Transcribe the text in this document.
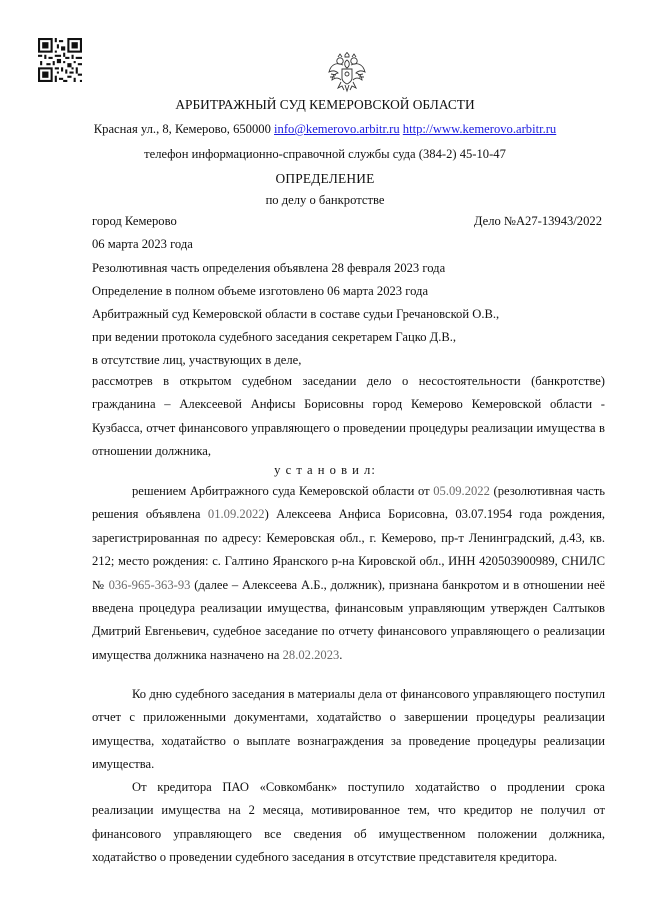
АРБИТРАЖНЫЙ СУД КЕМЕРОВСКОЙ ОБЛАСТИ
Красная ул., 8, Кемерово, 650000 info@kemerovo.arbitr.ru http://www.kemerovo.arbitr.ru
телефон информационно-справочной службы суда (384-2) 45-10-47
ОПРЕДЕЛЕНИЕ
по делу о банкротстве
город Кемерово	Дело №А27-13943/2022
06 марта 2023 года
Резолютивная часть определения объявлена 28 февраля 2023 года
Определение в полном объеме изготовлено 06 марта 2023 года
Арбитражный суд Кемеровской области в составе судьи Гречановской О.В.,
при ведении протокола судебного заседания секретарем Гацко Д.В.,
в отсутствие лиц, участвующих в деле,
рассмотрев в открытом судебном заседании дело о несостоятельности (банкротстве) гражданина – Алексеевой Анфисы Борисовны город Кемерово Кемеровской области - Кузбасса, отчет финансового управляющего о проведении процедуры реализации имущества в отношении должника,
у с т а н о в и л:
решением Арбитражного суда Кемеровской области от 05.09.2022 (резолютивная часть решения объявлена 01.09.2022) Алексеева Анфиса Борисовна, 03.07.1954 года рождения, зарегистрированная по адресу: Кемеровская обл., г. Кемерово, пр-т Ленинградский, д.43, кв. 212; место рождения: с. Галтино Яранского р-на Кировской обл., ИНН 420503900989, СНИЛС № 036-965-363-93 (далее – Алексеева А.Б., должник), признана банкротом и в отношении неё введена процедура реализации имущества, финансовым управляющим утвержден Салтыков Дмитрий Евгеньевич, судебное заседание по отчету финансового управляющего о реализации имущества должника назначено на 28.02.2023.
Ко дню судебного заседания в материалы дела от финансового управляющего поступил отчет с приложенными документами, ходатайство о завершении процедуры реализации имущества, ходатайство о выплате вознаграждения за проведение процедуры реализации имущества.
От кредитора ПАО «Совкомбанк» поступило ходатайство о продлении срока реализации имущества на 2 месяца, мотивированное тем, что кредитор не получил от финансового управляющего все сведения об имущественном положении должника, ходатайство о проведении судебного заседания в отсутствие представителя кредитора.
